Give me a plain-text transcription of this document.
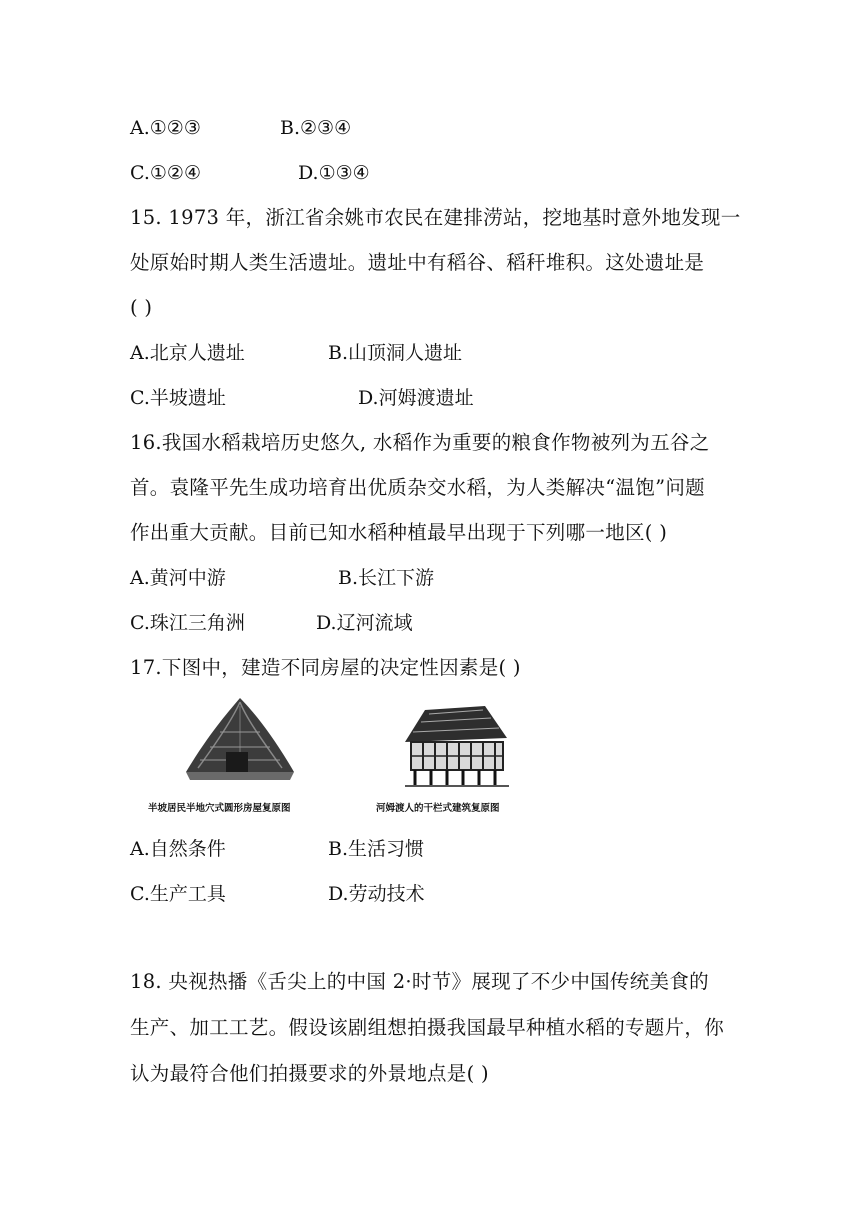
A.①②③	B.②③④
C.①②④	D.①③④
15. 1973 年，浙江省余姚市农民在建排涝站，挖地基时意外地发现一
处原始时期人类生活遗址。遗址中有稻谷、稻秆堆积。这处遗址是
( )
A.北京人遗址	B.山顶洞人遗址
C.半坡遗址	D.河姆渡遗址
16.我国水稻栽培历史悠久, 水稻作为重要的粮食作物被列为五谷之
首。袁隆平先生成功培育出优质杂交水稻，为人类解决“温饱”问题
作出重大贡献。目前已知水稻种植最早出现于下列哪一地区( )
A.黄河中游	B.长江下游
C.珠江三角洲	D.辽河流域
17.下图中，建造不同房屋的决定性因素是( )
半坡居民半地穴式圆形房屋复原图	河姆渡人的干栏式建筑复原图
A.自然条件	B.生活习惯
C.生产工具	D.劳动技术
18. 央视热播《舌尖上的中国 2·时节》展现了不少中国传统美食的
生产、加工工艺。假设该剧组想拍摄我国最早种植水稻的专题片，你
认为最符合他们拍摄要求的外景地点是( )
